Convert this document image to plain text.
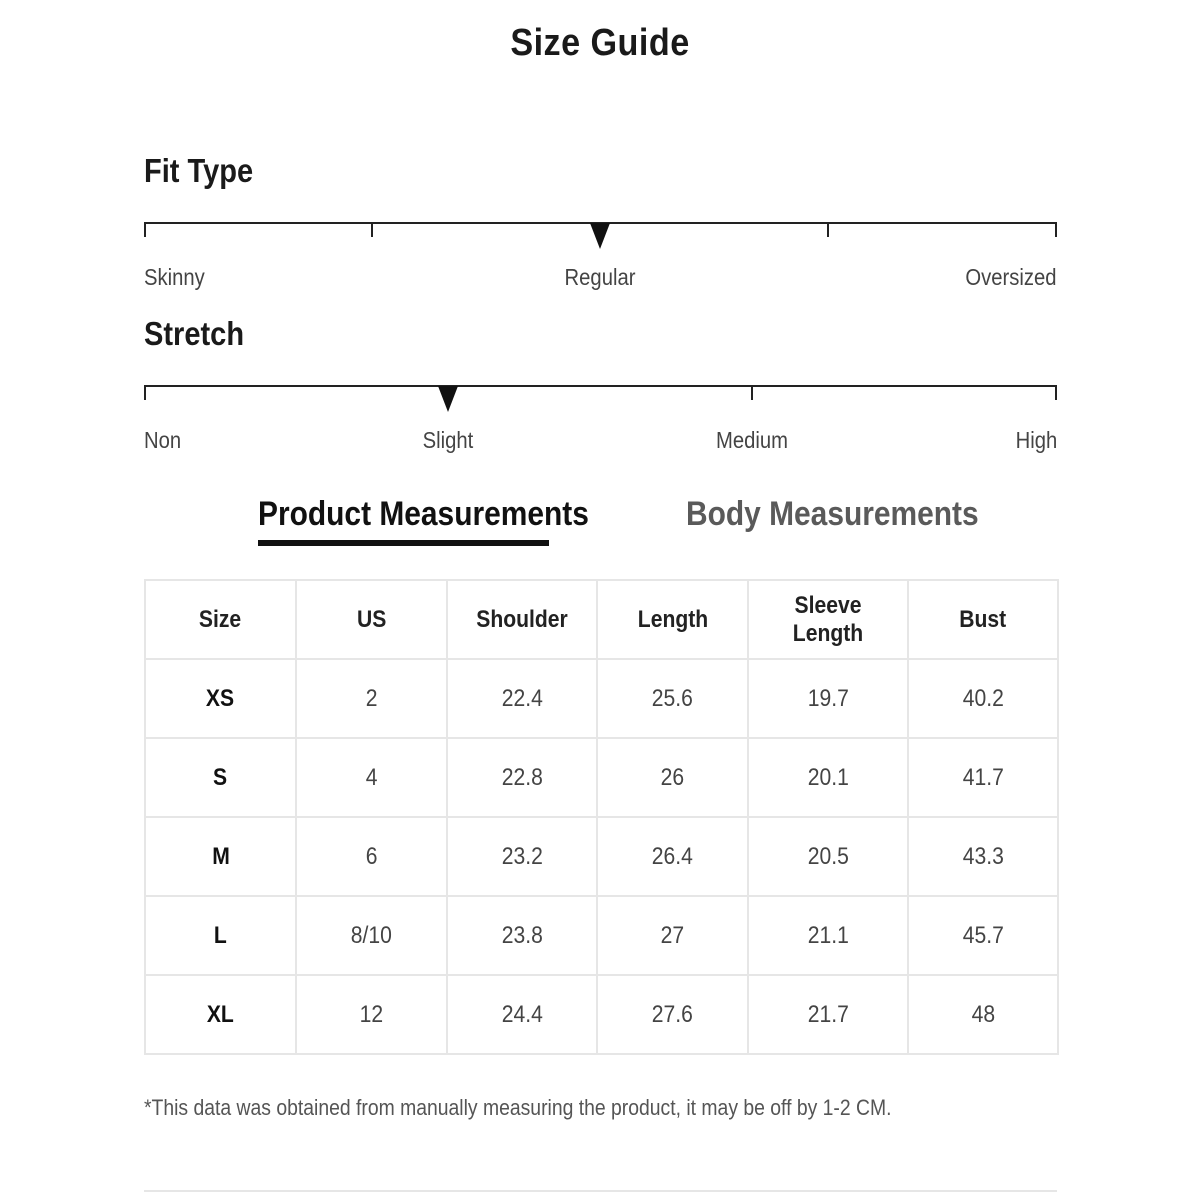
Size Guide
Fit Type
Skinny	Regular	Oversized
Stretch
Non	Slight	Medium	High
Product Measurements	Body Measurements
Size	US	Shoulder	Length	Sleeve Length	Bust
XS	2	22.4	25.6	19.7	40.2
S	4	22.8	26	20.1	41.7
M	6	23.2	26.4	20.5	43.3
L	8/10	23.8	27	21.1	45.7
XL	12	24.4	27.6	21.7	48

*This data was obtained from manually measuring the product, it may be off by 1-2 CM.
